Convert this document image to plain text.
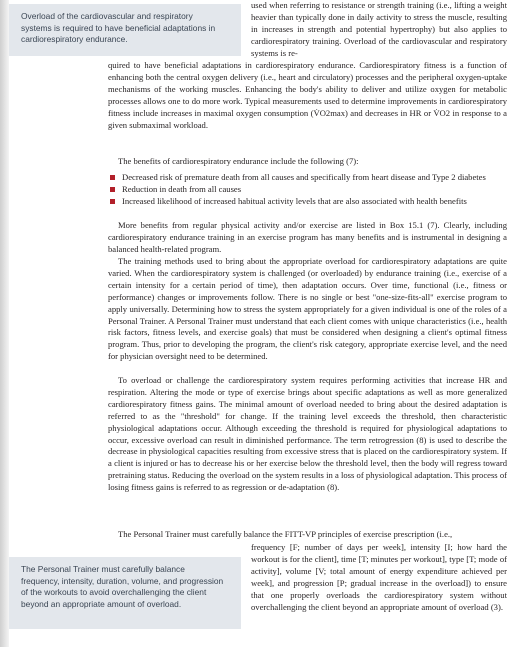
Overload of the cardiovascular and respiratory systems is required to have beneficial adaptations in cardiorespiratory endurance.

used when referring to resistance or strength training (i.e., lifting a weight heavier than typically done in daily activity to stress the muscle, resulting in increases in strength and potential hypertrophy) but also applies to cardiorespiratory training. Overload of the cardiovascular and respiratory systems is re-

quired to have beneficial adaptations in cardiorespiratory endurance. Cardiorespiratory fitness is a function of enhancing both the central oxygen delivery (i.e., heart and circulatory) processes and the peripheral oxygen-uptake mechanisms of the working muscles. Enhancing the body's ability to deliver and utilize oxygen for metabolic processes allows one to do more work. Typical measurements used to determine improvements in cardiorespiratory fitness include increases in maximal oxygen consumption (V̇O2max) and decreases in HR or V̇O2 in response to a given submaximal workload.

The benefits of cardiorespiratory endurance include the following (7):

Decreased risk of premature death from all causes and specifically from heart disease and Type 2 diabetes
Reduction in death from all causes
Increased likelihood of increased habitual activity levels that are also associated with health benefits

More benefits from regular physical activity and/or exercise are listed in Box 15.1 (7). Clearly, including cardiorespiratory endurance training in an exercise program has many benefits and is instrumental in designing a balanced health-related program.

The training methods used to bring about the appropriate overload for cardiorespiratory adaptations are quite varied. When the cardiorespiratory system is challenged (or overloaded) by endurance training (i.e., exercise of a certain intensity for a certain period of time), then adaptation occurs. Over time, functional (i.e., fitness or performance) changes or improvements follow. There is no single or best "one-size-fits-all" exercise program to apply universally. Determining how to stress the system appropriately for a given individual is one of the roles of a Personal Trainer. A Personal Trainer must understand that each client comes with unique characteristics (i.e., health risk factors, fitness levels, and exercise goals) that must be considered when designing a client's optimal fitness program. Thus, prior to developing the program, the client's risk category, appropriate exercise level, and the need for physician oversight need to be determined.

To overload or challenge the cardiorespiratory system requires performing activities that increase HR and respiration. Altering the mode or type of exercise brings about specific adaptations as well as more generalized cardiorespiratory fitness gains. The minimal amount of overload needed to bring about the desired adaptation is referred to as the "threshold" for change. If the training level exceeds the threshold, then characteristic physiological adaptations occur. Although exceeding the threshold is required for physiological adaptations to occur, excessive overload can result in diminished performance. The term retrogression (8) is used to describe the decrease in physiological capacities resulting from excessive stress that is placed on the cardiorespiratory system. If a client is injured or has to decrease his or her exercise below the threshold level, then the body will regress toward pretraining status. Reducing the overload on the system results in a loss of physiological adaptation. This process of losing fitness gains is referred to as regression or de-adaptation (8).

The Personal Trainer must carefully balance frequency, intensity, duration, volume, and progression of the workouts to avoid overchallenging the client beyond an appropriate amount of overload.

The Personal Trainer must carefully balance the FITT-VP principles of exercise prescription (i.e.,

frequency [F; number of days per week], intensity [I; how hard the workout is for the client], time [T; minutes per workout], type [T; mode of activity], volume [V; total amount of energy expenditure achieved per week], and progression [P; gradual increase in the overload]) to ensure that one properly overloads the cardiorespiratory system without overchallenging the client beyond an appropriate amount of overload (3).
